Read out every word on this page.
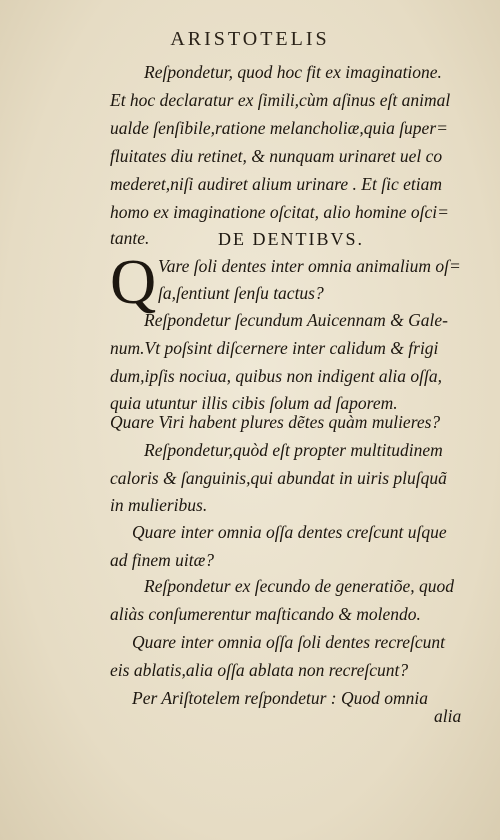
ARISTOTELIS
Reſpondetur, quod hoc fit ex imaginatione.
Et hoc declaratur ex ſimili,cùm aſinus eſt animal
ualde ſenſibile,ratione melancholiæ,quia ſuper=
fluitates diu retinet, & nunquam urinaret uel co
mederet,niſi audiret alium urinare . Et ſic etiam
homo ex imaginatione oſcitat, alio homine oſci=
tante.	DE DENTIBVS.
Q Vare ſoli dentes inter omnia animalium oſ=
ſa,ſentiunt ſenſu tactus?
Reſpondetur ſecundum Auicennam & Gale-
num.Vt poſsint diſcernere inter calidum & frigi
dum,ipſis nociua, quibus non indigent alia oſſa,
quia utuntur illis cibis ſolum ad ſaporem.
Quare Viri habent plures dẽtes quàm mulieres?
Reſpondetur,quòd eſt propter multitudinem
caloris & ſanguinis,qui abundat in uiris pluſquã
in mulieribus.
Quare inter omnia oſſa dentes creſcunt uſque
ad finem uitæ?
Reſpondetur ex ſecundo de generatiõe, quod
aliàs conſumerentur maſticando & molendo.
Quare inter omnia oſſa ſoli dentes recreſcunt
eis ablatis,alia oſſa ablata non recreſcunt?
Per Ariſtotelem reſpondetur : Quod omnia
alia
